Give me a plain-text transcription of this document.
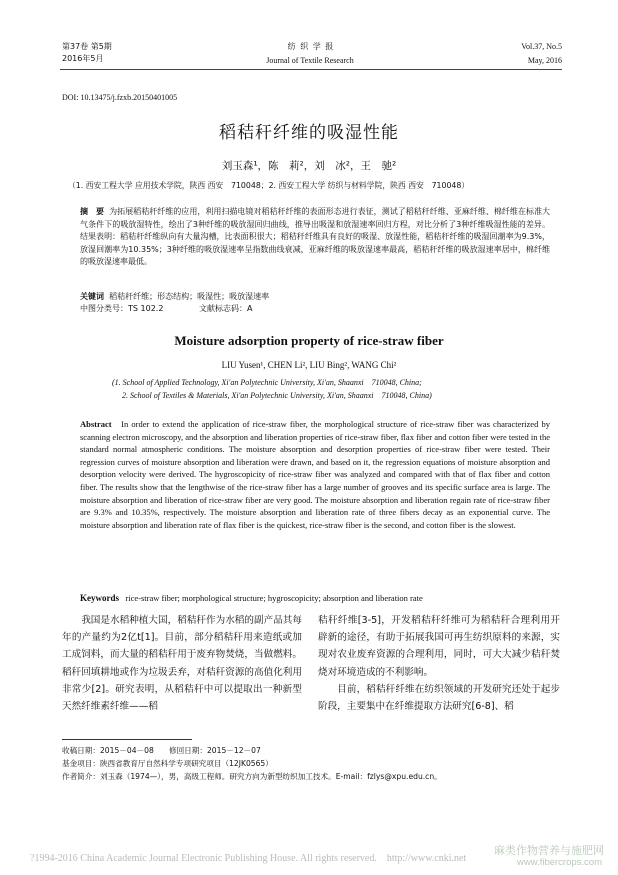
第37卷 第5期
2016年5月
纺 织 学 报
Journal of Textile Research
Vol.37, No.5
May, 2016
DOI: 10.13475/j.fzxb.20150401005
稻秸秆纤维的吸湿性能
刘玉森¹，陈　莉²，刘　冰²，王　驰²
（1. 西安工程大学 应用技术学院，陕西 西安　710048；2. 西安工程大学 纺织与材料学院，陕西 西安　710048）
摘　要 为拓展稻秸秆纤维的应用，利用扫描电镜对稻秸秆纤维的表面形态进行表征，测试了稻秸秆纤维、亚麻纤维、棉纤维在标准大气条件下的吸放湿特性，绘出了3种纤维的吸放湿回归曲线，推导出吸湿和放湿速率回归方程，对比分析了3种纤维吸湿性能的差异。结果表明：稻秸秆纤维纵向有大量沟槽，比表面积很大；稻秸秆纤维具有良好的吸湿、放湿性能，稻秸秆纤维的吸湿回潮率为9.3%，放湿回潮率为10.35%；3种纤维的吸放湿速率呈指数曲线衰减，亚麻纤维的吸放湿速率最高，稻秸秆纤维的吸放湿速率居中，棉纤维的吸放湿速率最低。
关键词 稻秸秆纤维；形态结构；吸湿性；吸放湿速率
中图分类号：TS 102.2	文献标志码：A
Moisture adsorption property of rice-straw fiber
LIU Yusen¹, CHEN Li², LIU Bing², WANG Chi²
(1. School of Applied Technology, Xi'an Polytechnic University, Xi'an, Shaanxi　710048, China;
2. School of Textiles & Materials, Xi'an Polytechnic University, Xi'an, Shaanxi　710048, China)
Abstract In order to extend the application of rice-straw fiber, the morphological structure of rice-straw fiber was characterized by scanning electron microscopy, and the absorption and liberation properties of rice-straw fiber, flax fiber and cotton fiber were tested in the standard normal atmospheric conditions. The moisture absorption and desorption properties of rice-straw fiber were tested. Their regression curves of moisture absorption and liberation were drawn, and based on it, the regression equations of moisture absorption and desorption velocity were derived. The hygroscopicity of rice-straw fiber was analyzed and compared with that of flax fiber and cotton fiber. The results show that the lengthwise of the rice-straw fiber has a large number of grooves and its specific surface area is large. The moisture absorption and liberation of rice-straw fiber are very good. The moisture absorption and liberation regain rate of rice-straw fiber are 9.3% and 10.35%, respectively. The moisture absorption and liberation rate of three fibers decay as an exponential curve. The moisture absorption and liberation rate of flax fiber is the quickest, rice-straw fiber is the second, and cotton fiber is the slowest.
Keywords rice-straw fiber; morphological structure; hygroscopicity; absorption and liberation rate
我国是水稻种植大国，稻秸秆作为水稻的副产品其每年的产量约为2亿t[1]。目前，部分稻秸秆用来造纸或加工成饲料，而大量的稻秸秆用于废弃物焚烧，当做燃料。稻秆回填耕地或作为垃圾丢弃，对秸秆资源的高值化利用非常少[2]。研究表明，从稻秸秆中可以提取出一种新型天然纤维素纤维——稻
秸秆纤维[3-5]，开发稻秸秆纤维可为稻秸秆合理利用开辟新的途径，有助于拓展我国可再生纺织原料的来源，实现对农业废弃资源的合理利用，同时，可大大减少秸秆焚烧对环境造成的不利影响。
目前，稻秸秆纤维在纺织领域的开发研究还处于起步阶段，主要集中在纤维提取方法研究[6-8]、稻
收稿日期：2015－04－08　　修回日期：2015－12－07
基金项目：陕西省教育厅自然科学专项研究项目（12JK0565）
作者简介：刘玉森（1974—），男，高级工程师。研究方向为新型纺织加工技术。E-mail：fzlys@xpu.edu.cn。
?1994-2016 China Academic Journal Electronic Publishing House. All rights reserved.　http://www.cnki.net
麻类作物营养与施肥网
www.fibercrops.com
